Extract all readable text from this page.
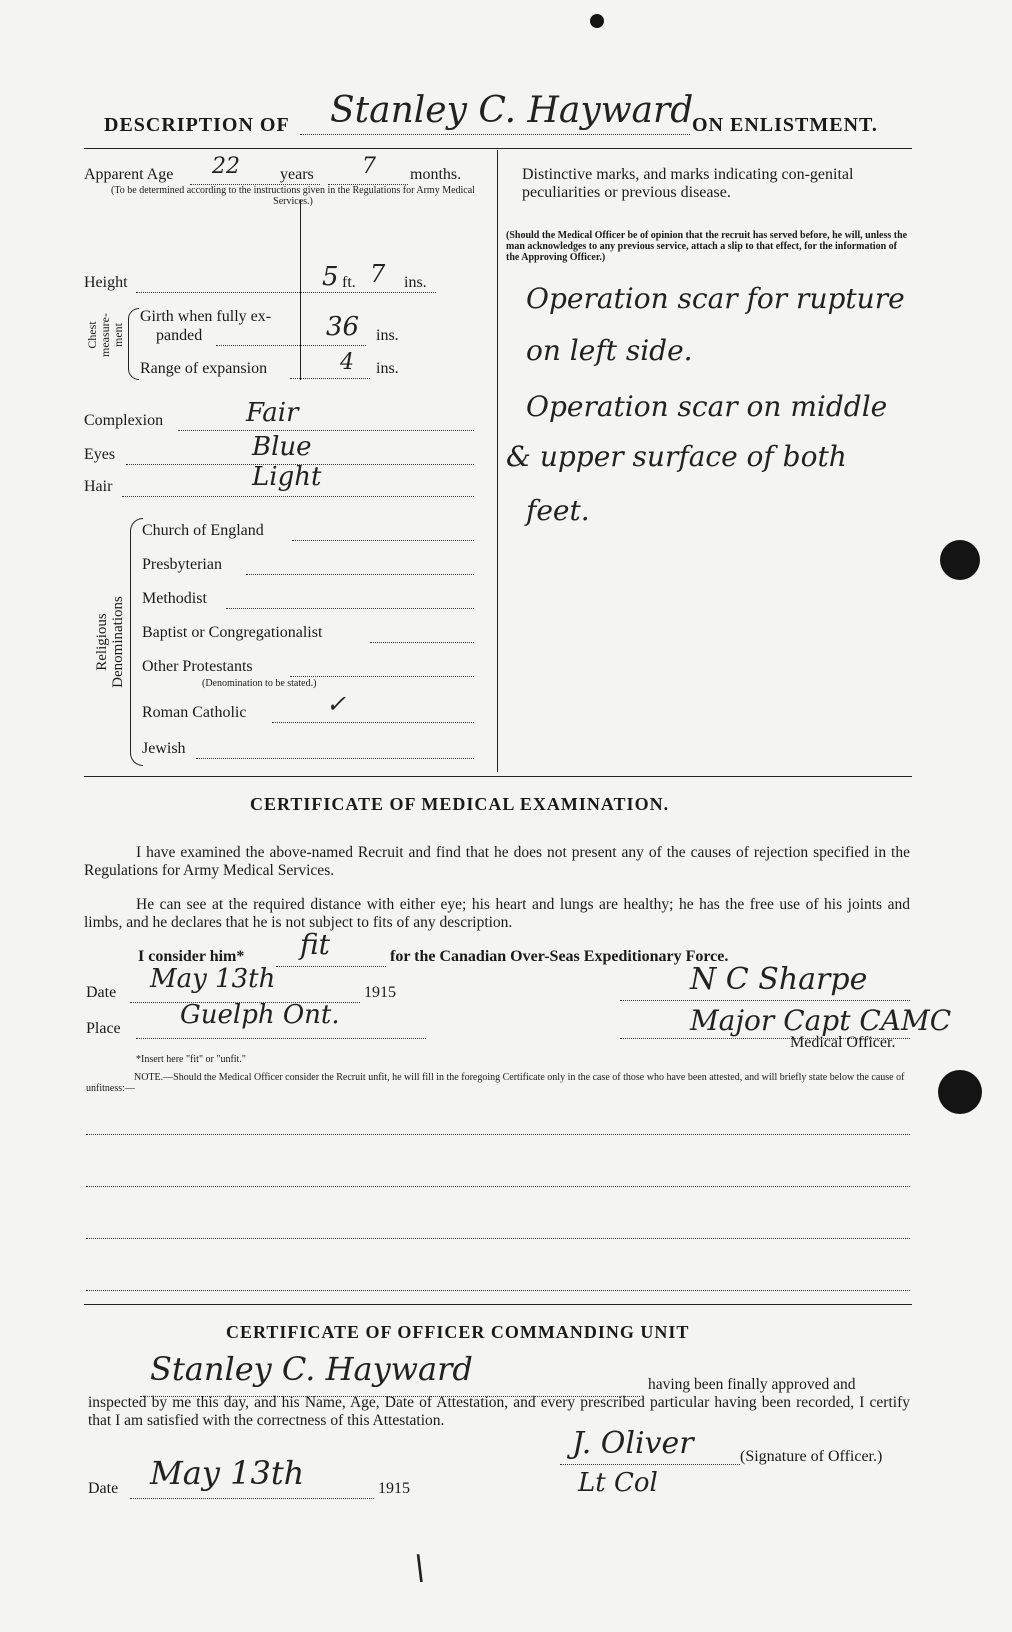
DESCRIPTION OF Stanley C. Hayward
ON ENLISTMENT.
Apparent Age 22	years 7 months.
(To be determined according to the instructions given in the Regulations for Army Medical Services.)
Height	5 ft. 7 ins.
Chest measure-ment
Girth when fully ex-
panded	36 ins.
Range of expansion	4 ins.
Complexion	Fair
Eyes	Blue
Hair	Light
Religious Denominations
Church of England
Presbyterian
Methodist
Baptist or Congregationalist
Other Protestants
(Denomination to be stated.)
Roman Catholic	✓
Jewish
Distinctive marks, and marks indicating con-genital peculiarities or previous disease.
(Should the Medical Officer be of opinion that the recruit has served before, he will, unless the man acknowledges to any previous service, attach a slip to that effect, for the information of the Approving Officer.)
Operation scar for rupture
on left side.
Operation scar on middle
& upper surface of both
feet.
CERTIFICATE OF MEDICAL EXAMINATION.
I have examined the above-named Recruit and find that he does not present any of the causes of rejection specified in the Regulations for Army Medical Services.
He can see at the required distance with either eye; his heart and lungs are healthy; he has the free use of his joints and limbs, and he declares that he is not subject to fits of any description.
I consider him* fit	for the Canadian Over-Seas Expeditionary Force.
Date May 13th	1915
Place Guelph Ont.
N C Sharpe
Major Capt CAMC
Medical Officer.
*Insert here "fit" or "unfit."
NOTE.—Should the Medical Officer consider the Recruit unfit, he will fill in the foregoing Certificate only in the case of those who have been attested, and will briefly state below the cause of unfitness:—
CERTIFICATE OF OFFICER COMMANDING UNIT
Stanley C. Hayward	having been finally approved and
inspected by me this day, and his Name, Age, Date of Attestation, and every prescribed particular having been recorded, I certify that I am satisfied with the correctness of this Attestation.
J. Oliver	(Signature of Officer.)
Lt Col
Date May 13th	1915
\
